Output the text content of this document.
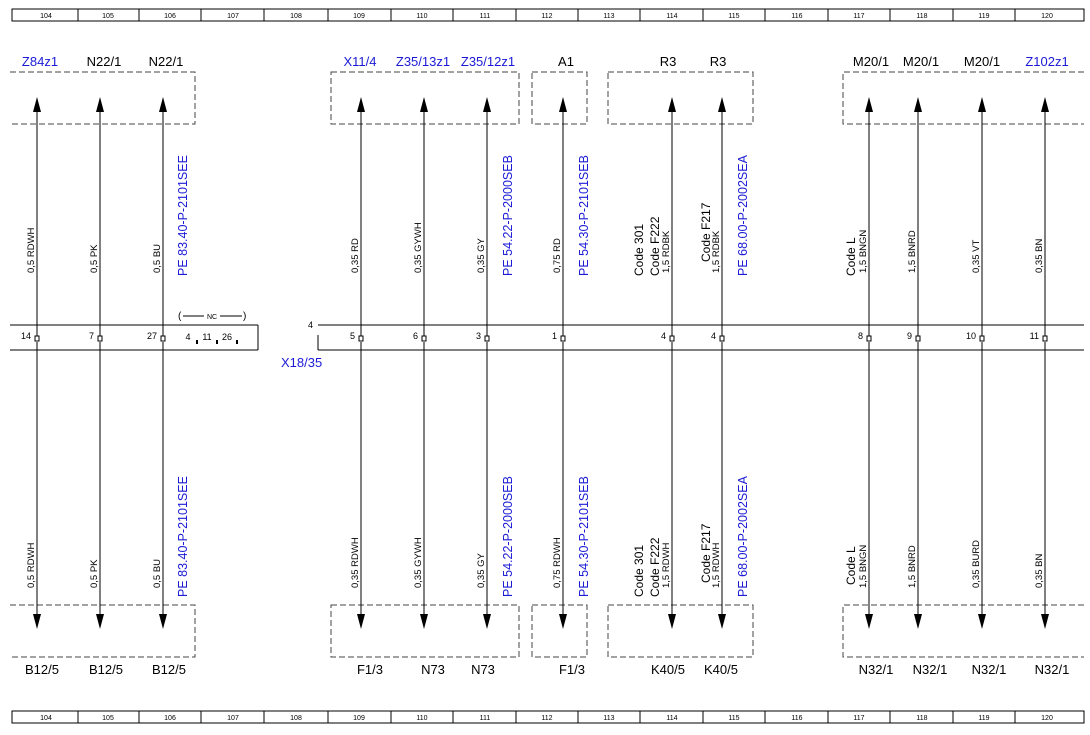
104	105	106	107	108	109	110	111	112	113	114	115	116	117	118	119	120
104	105	106	107	108	109	110	111	112	113	114	115	116	117	118	119	120
Z84z1 N22/1 N22/1	X11/4 Z35/13z1 Z35/12z1	A1	R3	R3	M20/1 M20/1 M20/1 Z102z1
B12/5 B12/5 B12/5	F1/3	N73 N73	F1/3	K40/5 K40/5	N32/1 N32/1 N32/1 N32/1
4
X18/35
(	NC	)
4 11 26
14
0,5 RDWH
0,5 RDWH
7
0,5 PK
0,5 PK
27
0,5 BU
0,5 BU
5
0,35 RD
0,35 RDWH
6
0,35 GYWH
0,35 GYWH
3
0,35 GY
0,35 GY
1
0,75 RD
0,75 RDWH
4
1,5 RDBK
1,5 RDWH
4
1,5 RDBK
1,5 RDWH
8
1,5 BNGN
1,5 BNGN
9
1,5 BNRD
1,5 BNRD
10
0,35 VT
0,35 BURD
11
0,35 BN
0,35 BN
PE 83.40-P-2101SEE
PE 83.40-P-2101SEE
PE 54.22-P-2000SEB
PE 54.22-P-2000SEB
PE 54.30-P-2101SEB
PE 54.30-P-2101SEB
PE 68.00-P-2002SEA
PE 68.00-P-2002SEA
Code 301 Code F222	Code F217	Code L
Code 301 Code F222	Code F217	Code L
